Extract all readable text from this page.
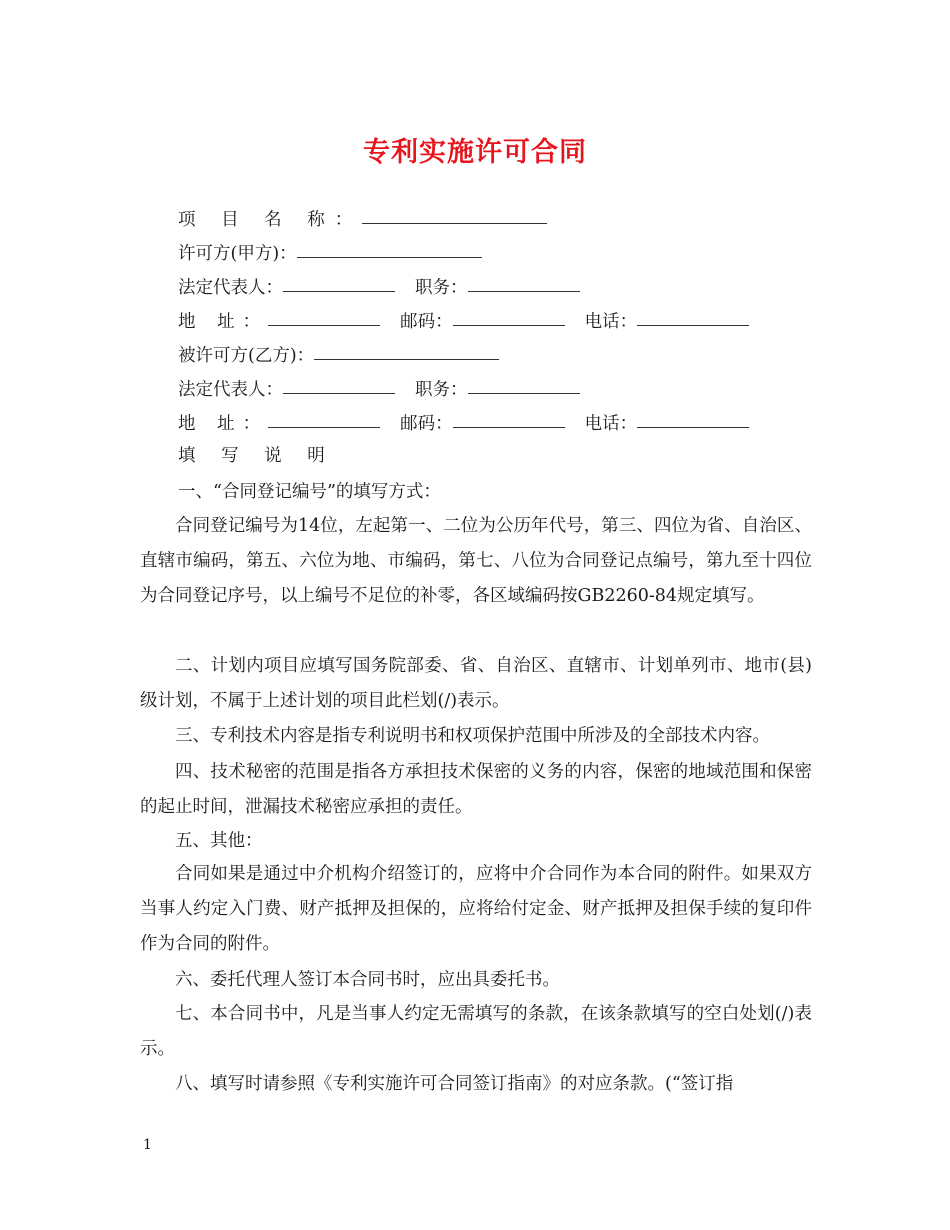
专利实施许可合同
项 目 名 称：
许可方(甲方)：
法定代表人：	职务：
地 址：	邮码：	电话：
被许可方(乙方)：
法定代表人：	职务：
地 址：	邮码：	电话：
填 写 说 明
一、“合同登记编号”的填写方式：
合同登记编号为14位，左起第一、二位为公历年代号，第三、四位为省、自治区、直辖市编码，第五、六位为地、市编码，第七、八位为合同登记点编号，第九至十四位为合同登记序号，以上编号不足位的补零，各区域编码按GB2260-84规定填写。
二、计划内项目应填写国务院部委、省、自治区、直辖市、计划单列市、地市(县)级计划，不属于上述计划的项目此栏划(/)表示。
三、专利技术内容是指专利说明书和权项保护范围中所涉及的全部技术内容。
四、技术秘密的范围是指各方承担技术保密的义务的内容，保密的地域范围和保密的起止时间，泄漏技术秘密应承担的责任。
五、其他：
合同如果是通过中介机构介绍签订的，应将中介合同作为本合同的附件。如果双方当事人约定入门费、财产抵押及担保的，应将给付定金、财产抵押及担保手续的复印件作为合同的附件。
六、委托代理人签订本合同书时，应出具委托书。
七、本合同书中，凡是当事人约定无需填写的条款，在该条款填写的空白处划(/)表示。
八、填写时请参照《专利实施许可合同签订指南》的对应条款。(“签订指
1
